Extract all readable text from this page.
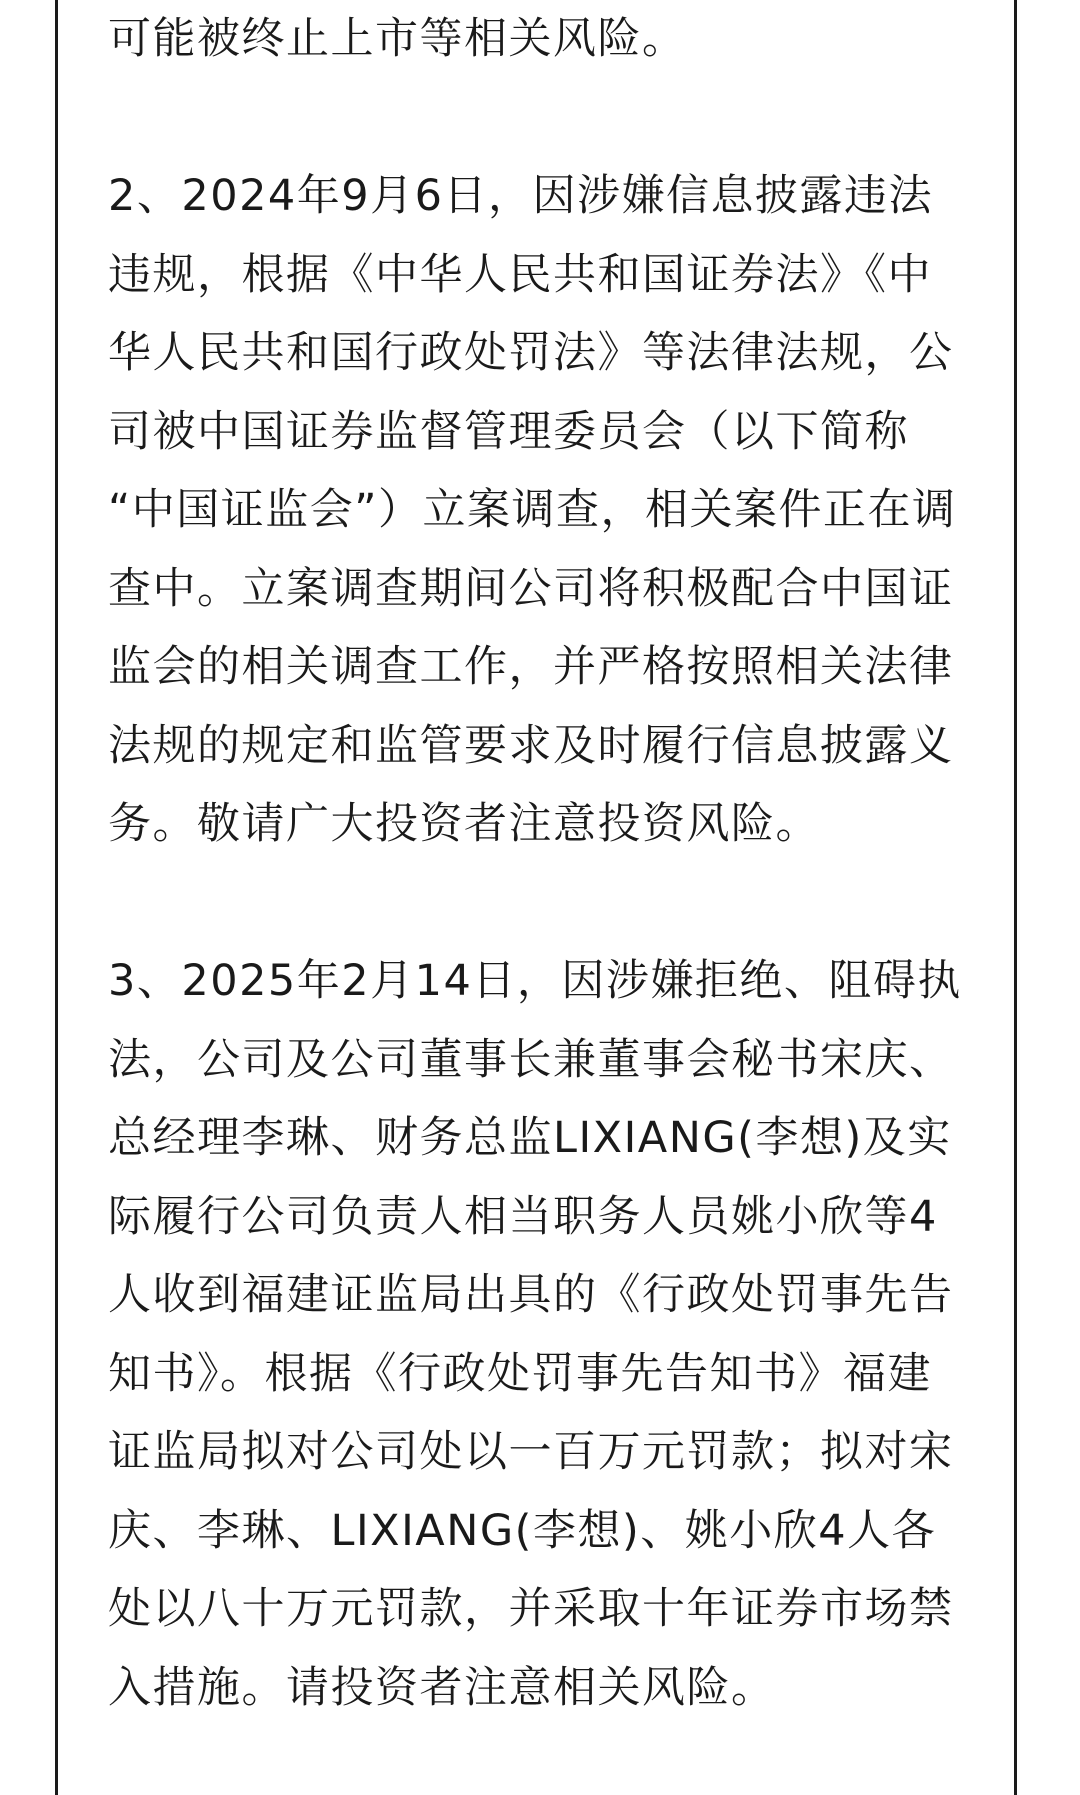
可能被终止上市等相关风险。
2、2024年9月6日，因涉嫌信息披露违法
违规，根据《中华人民共和国证券法》《中
华人民共和国行政处罚法》等法律法规，公
司被中国证券监督管理委员会（以下简称
“中国证监会”）立案调查，相关案件正在调
查中。立案调查期间公司将积极配合中国证
监会的相关调查工作，并严格按照相关法律
法规的规定和监管要求及时履行信息披露义
务。敬请广大投资者注意投资风险。
3、2025年2月14日，因涉嫌拒绝、阻碍执
法，公司及公司董事长兼董事会秘书宋庆、
总经理李琳、财务总监LIXIANG(李想)及实
际履行公司负责人相当职务人员姚小欣等4
人收到福建证监局出具的《行政处罚事先告
知书》。根据《行政处罚事先告知书》福建
证监局拟对公司处以一百万元罚款；拟对宋
庆、李琳、LIXIANG(李想)、姚小欣4人各
处以八十万元罚款，并采取十年证券市场禁
入措施。请投资者注意相关风险。
